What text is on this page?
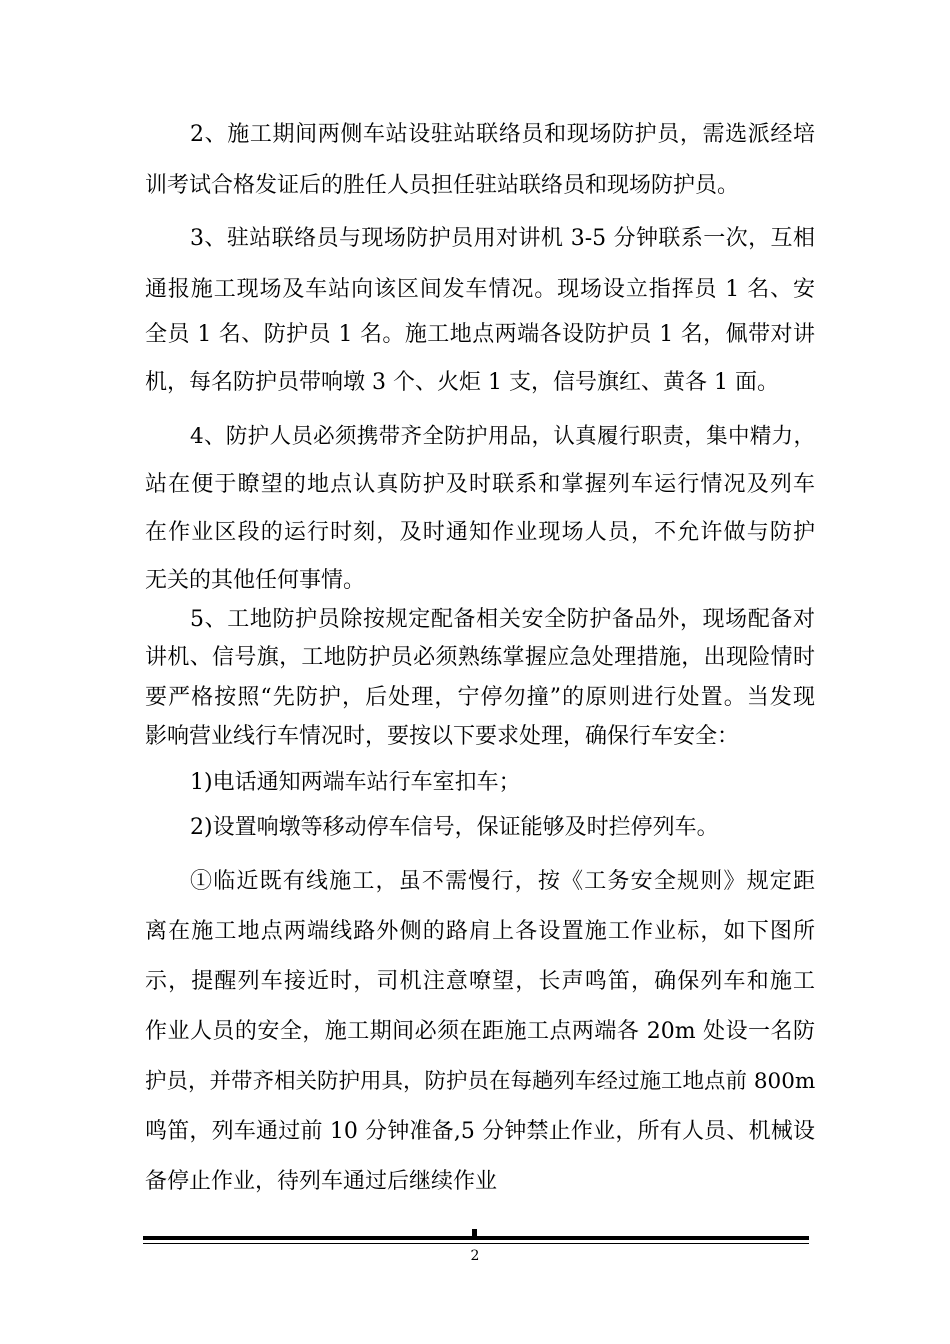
2、施工期间两侧车站设驻站联络员和现场防护员，需选派经培
训考试合格发证后的胜任人员担任驻站联络员和现场防护员。
3、驻站联络员与现场防护员用对讲机 3-5 分钟联系一次，互相
通报施工现场及车站向该区间发车情况。现场设立指挥员 1 名、安
全员 1 名、防护员 1 名。施工地点两端各设防护员 1 名，佩带对讲
机，每名防护员带响墩 3 个、火炬 1 支，信号旗红、黄各 1 面。
4、防护人员必须携带齐全防护用品，认真履行职责，集中精力，
站在便于瞭望的地点认真防护及时联系和掌握列车运行情况及列车
在作业区段的运行时刻，及时通知作业现场人员，不允许做与防护
无关的其他任何事情。
5、工地防护员除按规定配备相关安全防护备品外，现场配备对
讲机、信号旗，工地防护员必须熟练掌握应急处理措施，出现险情时
要严格按照“先防护，后处理，宁停勿撞”的原则进行处置。当发现
影响营业线行车情况时，要按以下要求处理，确保行车安全：
1)电话通知两端车站行车室扣车；
2)设置响墩等移动停车信号，保证能够及时拦停列车。
①临近既有线施工，虽不需慢行，按《工务安全规则》规定距
离在施工地点两端线路外侧的路肩上各设置施工作业标，如下图所
示，提醒列车接近时，司机注意嘹望，长声鸣笛，确保列车和施工
作业人员的安全，施工期间必须在距施工点两端各 20m 处设一名防
护员，并带齐相关防护用具，防护员在每趟列车经过施工地点前 800m
鸣笛，列车通过前 10 分钟准备,5 分钟禁止作业，所有人员、机械设
备停止作业，待列车通过后继续作业
2
